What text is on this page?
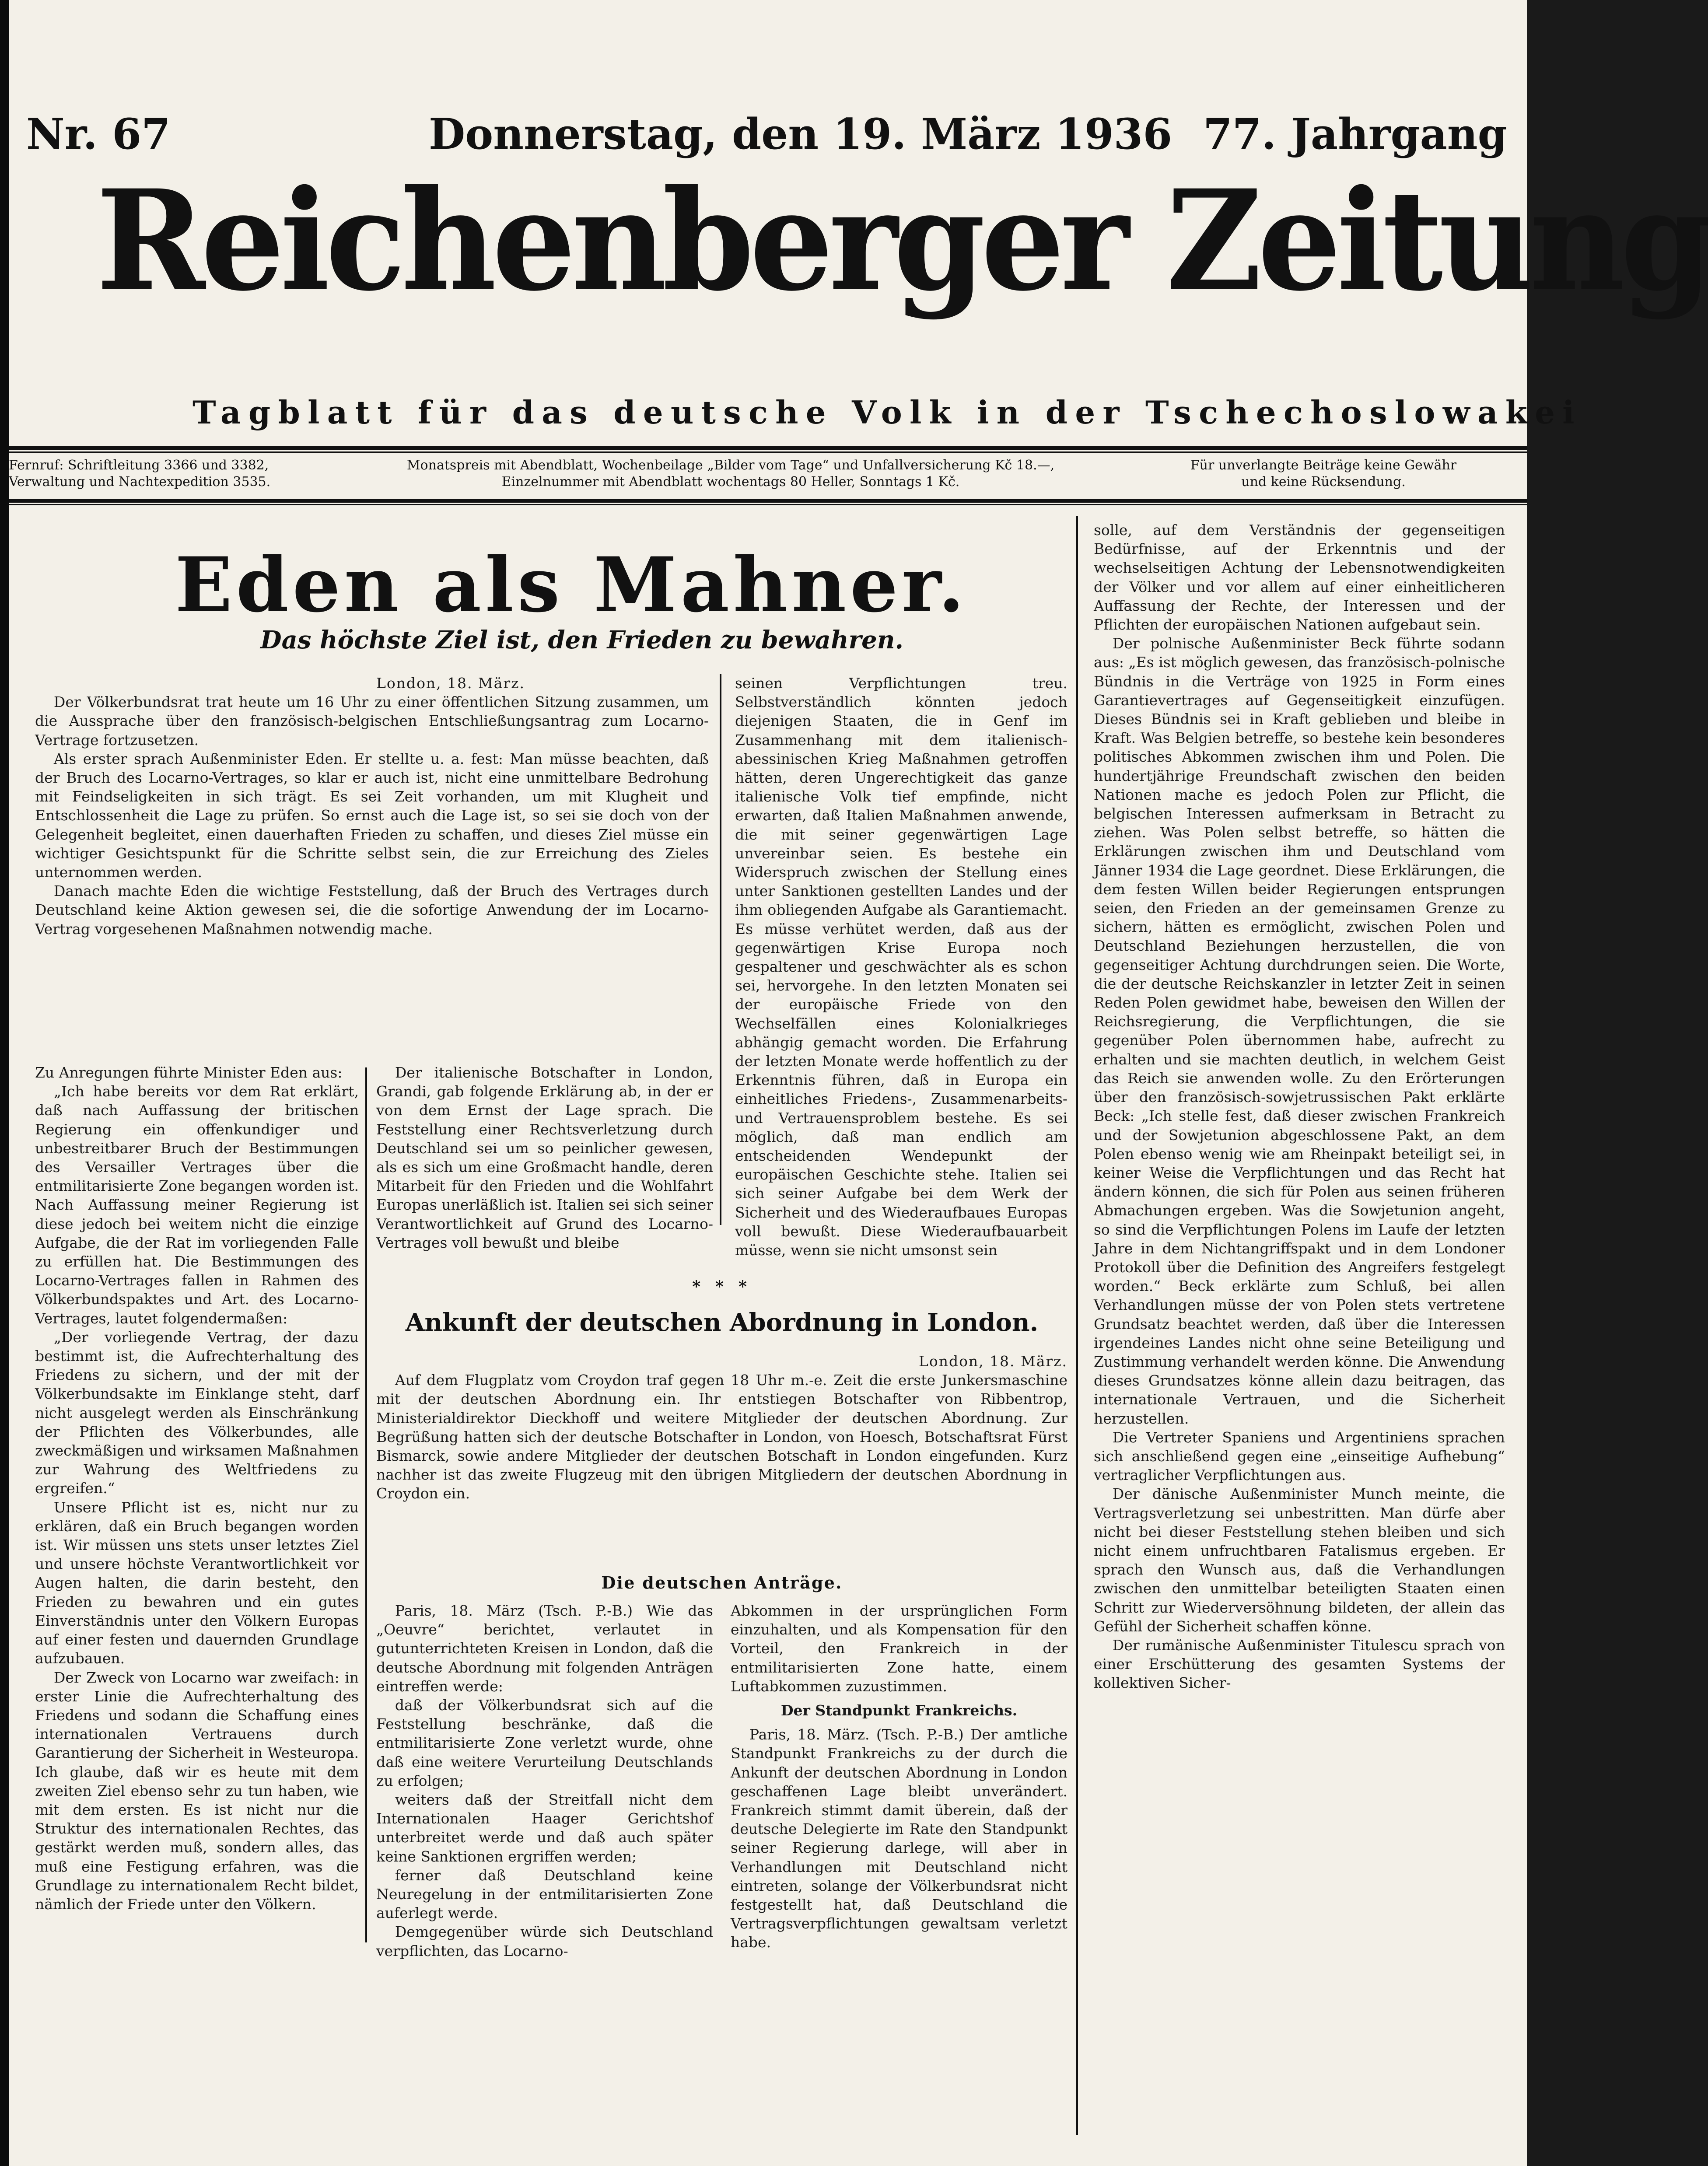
Nr. 67	Donnerstag, den 19. März 1936 77. Jahrgang
Reichenberger Zeitung
Tagblatt für das deutsche Volk in der Tschechoslowakei
Fernruf: Schriftleitung 3366 und 3382,
Verwaltung und Nachtexpedition 3535.
Monatspreis mit Abendblatt, Wochenbeilage „Bilder vom Tage“ und Unfallversicherung Kč 18.—,
Einzelnummer mit Abendblatt wochentags 80 Heller, Sonntags 1 Kč.
Für unverlangte Beiträge keine Gewähr
und keine Rücksendung.
Eden als Mahner.
Das höchste Ziel ist, den Frieden zu bewahren.

London, 18. März.

Der Völkerbundsrat trat heute um 16 Uhr zu einer öffentlichen Sitzung zusammen, um die Aussprache über den französisch-belgischen Entschließungsantrag zum Locarno-Vertrage fortzusetzen.

Als erster sprach Außenminister Eden. Er stellte u. a. fest: Man müsse beachten, daß der Bruch des Locarno-Vertrages, so klar er auch ist, nicht eine unmittelbare Bedrohung mit Feindseligkeiten in sich trägt. Es sei Zeit vorhanden, um mit Klugheit und Entschlossenheit die Lage zu prüfen. So ernst auch die Lage ist, so sei sie doch von der Gelegenheit begleitet, einen dauerhaften Frieden zu schaffen, und dieses Ziel müsse ein wichtiger Gesichtspunkt für die Schritte selbst sein, die zur Erreichung des Zieles unternommen werden.

Danach machte Eden die wichtige Feststellung, daß der Bruch des Vertrages durch Deutschland keine Aktion gewesen sei, die die sofortige Anwendung der im Locarno-Vertrag vorgesehenen Maßnahmen notwendig mache.

seinen Verpflichtungen treu. Selbstverständlich könnten jedoch diejenigen Staaten, die in Genf im Zusammenhang mit dem italienisch-abessinischen Krieg Maßnahmen getroffen hätten, deren Ungerechtigkeit das ganze italienische Volk tief empfinde, nicht erwarten, daß Italien Maßnahmen anwende, die mit seiner gegenwärtigen Lage unvereinbar seien. Es bestehe ein Widerspruch zwischen der Stellung eines unter Sanktionen gestellten Landes und der ihm obliegenden Aufgabe als Garantiemacht. Es müsse verhütet werden, daß aus der gegenwärtigen Krise Europa noch gespaltener und geschwächter als es schon sei, hervorgehe. In den letzten Monaten sei der europäische Friede von den Wechselfällen eines Kolonialkrieges abhängig gemacht worden. Die Erfahrung der letzten Monate werde hoffentlich zu der Erkenntnis führen, daß in Europa ein einheitliches Friedens-, Zusammenarbeits- und Vertrauensproblem bestehe. Es sei möglich, daß man endlich am entscheidenden Wendepunkt der europäischen Geschichte stehe. Italien sei sich seiner Aufgabe bei dem Werk der Sicherheit und des Wiederaufbaues Europas voll bewußt. Diese Wiederaufbauarbeit müsse, wenn sie nicht umsonst sein

Zu Anregungen führte Minister Eden aus:

„Ich habe bereits vor dem Rat erklärt, daß nach Auffassung der britischen Regierung ein offenkundiger und unbestreitbarer Bruch der Bestimmungen des Versailler Vertrages über die entmilitarisierte Zone begangen worden ist. Nach Auffassung meiner Regierung ist diese jedoch bei weitem nicht die einzige Aufgabe, die der Rat im vorliegenden Falle zu erfüllen hat. Die Bestimmungen des Locarno-Vertrages fallen in Rahmen des Völkerbundspaktes und Art. des Locarno-Vertrages, lautet folgendermaßen:

„Der vorliegende Vertrag, der dazu bestimmt ist, die Aufrechterhaltung des Friedens zu sichern, und der mit der Völkerbundsakte im Einklange steht, darf nicht ausgelegt werden als Einschränkung der Pflichten des Völkerbundes, alle zweckmäßigen und wirksamen Maßnahmen zur Wahrung des Weltfriedens zu ergreifen.“

Unsere Pflicht ist es, nicht nur zu erklären, daß ein Bruch begangen worden ist. Wir müssen uns stets unser letztes Ziel und unsere höchste Verantwortlichkeit vor Augen halten, die darin besteht, den Frieden zu bewahren und ein gutes Einverständnis unter den Völkern Europas auf einer festen und dauernden Grundlage aufzubauen.

Der Zweck von Locarno war zweifach: in erster Linie die Aufrechterhaltung des Friedens und sodann die Schaffung eines internationalen Vertrauens durch Garantierung der Sicherheit in Westeuropa. Ich glaube, daß wir es heute mit dem zweiten Ziel ebenso sehr zu tun haben, wie mit dem ersten. Es ist nicht nur die Struktur des internationalen Rechtes, das gestärkt werden muß, sondern alles, das muß eine Festigung erfahren, was die Grundlage zu internationalem Recht bildet, nämlich der Friede unter den Völkern.

Der italienische Botschafter in London, Grandi, gab folgende Erklärung ab, in der er von dem Ernst der Lage sprach. Die Feststellung einer Rechtsverletzung durch Deutschland sei um so peinlicher gewesen, als es sich um eine Großmacht handle, deren Mitarbeit für den Frieden und die Wohlfahrt Europas unerläßlich ist. Italien sei sich seiner Verantwortlichkeit auf Grund des Locarno-Vertrages voll bewußt und bleibe

* * *
Ankunft der deutschen Abordnung in London.

London, 18. März.

Auf dem Flugplatz vom Croydon traf gegen 18 Uhr m.-e. Zeit die erste Junkersmaschine mit der deutschen Abordnung ein. Ihr entstiegen Botschafter von Ribbentrop, Ministerialdirektor Dieckhoff und weitere Mitglieder der deutschen Abordnung. Zur Begrüßung hatten sich der deutsche Botschafter in London, von Hoesch, Botschaftsrat Fürst Bismarck, sowie andere Mitglieder der deutschen Botschaft in London eingefunden. Kurz nachher ist das zweite Flugzeug mit den übrigen Mitgliedern der deutschen Abordnung in Croydon ein.

Die deutschen Anträge.

Paris, 18. März (Tsch. P.-B.) Wie das „Oeuvre“ berichtet, verlautet in gutunterrichteten Kreisen in London, daß die deutsche Abordnung mit folgenden Anträgen eintreffen werde:

daß der Völkerbundsrat sich auf die Feststellung beschränke, daß die entmilitarisierte Zone verletzt wurde, ohne daß eine weitere Verurteilung Deutschlands zu erfolgen;

weiters daß der Streitfall nicht dem Internationalen Haager Gerichtshof unterbreitet werde und daß auch später keine Sanktionen ergriffen werden;

ferner daß Deutschland keine Neuregelung in der entmilitarisierten Zone auferlegt werde.

Demgegenüber würde sich Deutschland verpflichten, das Locarno-

Abkommen in der ursprünglichen Form einzuhalten, und als Kompensation für den Vorteil, den Frankreich in der entmilitarisierten Zone hatte, einem Luftabkommen zuzustimmen.

Der Standpunkt Frankreichs.

Paris, 18. März. (Tsch. P.-B.) Der amtliche Standpunkt Frankreichs zu der durch die Ankunft der deutschen Abordnung in London geschaffenen Lage bleibt unverändert. Frankreich stimmt damit überein, daß der deutsche Delegierte im Rate den Standpunkt seiner Regierung darlege, will aber in Verhandlungen mit Deutschland nicht eintreten, solange der Völkerbundsrat nicht festgestellt hat, daß Deutschland die Vertragsverpflichtungen gewaltsam verletzt habe.

solle, auf dem Verständnis der gegenseitigen Bedürfnisse, auf der Erkenntnis und der wechselseitigen Achtung der Lebensnotwendigkeiten der Völker und vor allem auf einer einheitlicheren Auffassung der Rechte, der Interessen und der Pflichten der europäischen Nationen aufgebaut sein.

Der polnische Außenminister Beck führte sodann aus: „Es ist möglich gewesen, das französisch-polnische Bündnis in die Verträge von 1925 in Form eines Garantievertrages auf Gegenseitigkeit einzufügen. Dieses Bündnis sei in Kraft geblieben und bleibe in Kraft. Was Belgien betreffe, so bestehe kein besonderes politisches Abkommen zwischen ihm und Polen. Die hundertjährige Freundschaft zwischen den beiden Nationen mache es jedoch Polen zur Pflicht, die belgischen Interessen aufmerksam in Betracht zu ziehen. Was Polen selbst betreffe, so hätten die Erklärungen zwischen ihm und Deutschland vom Jänner 1934 die Lage geordnet. Diese Erklärungen, die dem festen Willen beider Regierungen entsprungen seien, den Frieden an der gemeinsamen Grenze zu sichern, hätten es ermöglicht, zwischen Polen und Deutschland Beziehungen herzustellen, die von gegenseitiger Achtung durchdrungen seien. Die Worte, die der deutsche Reichskanzler in letzter Zeit in seinen Reden Polen gewidmet habe, beweisen den Willen der Reichsregierung, die Verpflichtungen, die sie gegenüber Polen übernommen habe, aufrecht zu erhalten und sie machten deutlich, in welchem Geist das Reich sie anwenden wolle. Zu den Erörterungen über den französisch-sowjetrussischen Pakt erklärte Beck: „Ich stelle fest, daß dieser zwischen Frankreich und der Sowjetunion abgeschlossene Pakt, an dem Polen ebenso wenig wie am Rheinpakt beteiligt sei, in keiner Weise die Verpflichtungen und das Recht hat ändern können, die sich für Polen aus seinen früheren Abmachungen ergeben. Was die Sowjetunion angeht, so sind die Verpflichtungen Polens im Laufe der letzten Jahre in dem Nichtangriffspakt und in dem Londoner Protokoll über die Definition des Angreifers festgelegt worden.“ Beck erklärte zum Schluß, bei allen Verhandlungen müsse der von Polen stets vertretene Grundsatz beachtet werden, daß über die Interessen irgendeines Landes nicht ohne seine Beteiligung und Zustimmung verhandelt werden könne. Die Anwendung dieses Grundsatzes könne allein dazu beitragen, das internationale Vertrauen, und die Sicherheit herzustellen.

Die Vertreter Spaniens und Argentiniens sprachen sich anschließend gegen eine „einseitige Aufhebung“ vertraglicher Verpflichtungen aus.

Der dänische Außenminister Munch meinte, die Vertragsverletzung sei unbestritten. Man dürfe aber nicht bei dieser Feststellung stehen bleiben und sich nicht einem unfruchtbaren Fatalismus ergeben. Er sprach den Wunsch aus, daß die Verhandlungen zwischen den unmittelbar beteiligten Staaten einen Schritt zur Wiederversöhnung bildeten, der allein das Gefühl der Sicherheit schaffen könne.

Der rumänische Außenminister Titulescu sprach von einer Erschütterung des gesamten Systems der kollektiven Sicher-
